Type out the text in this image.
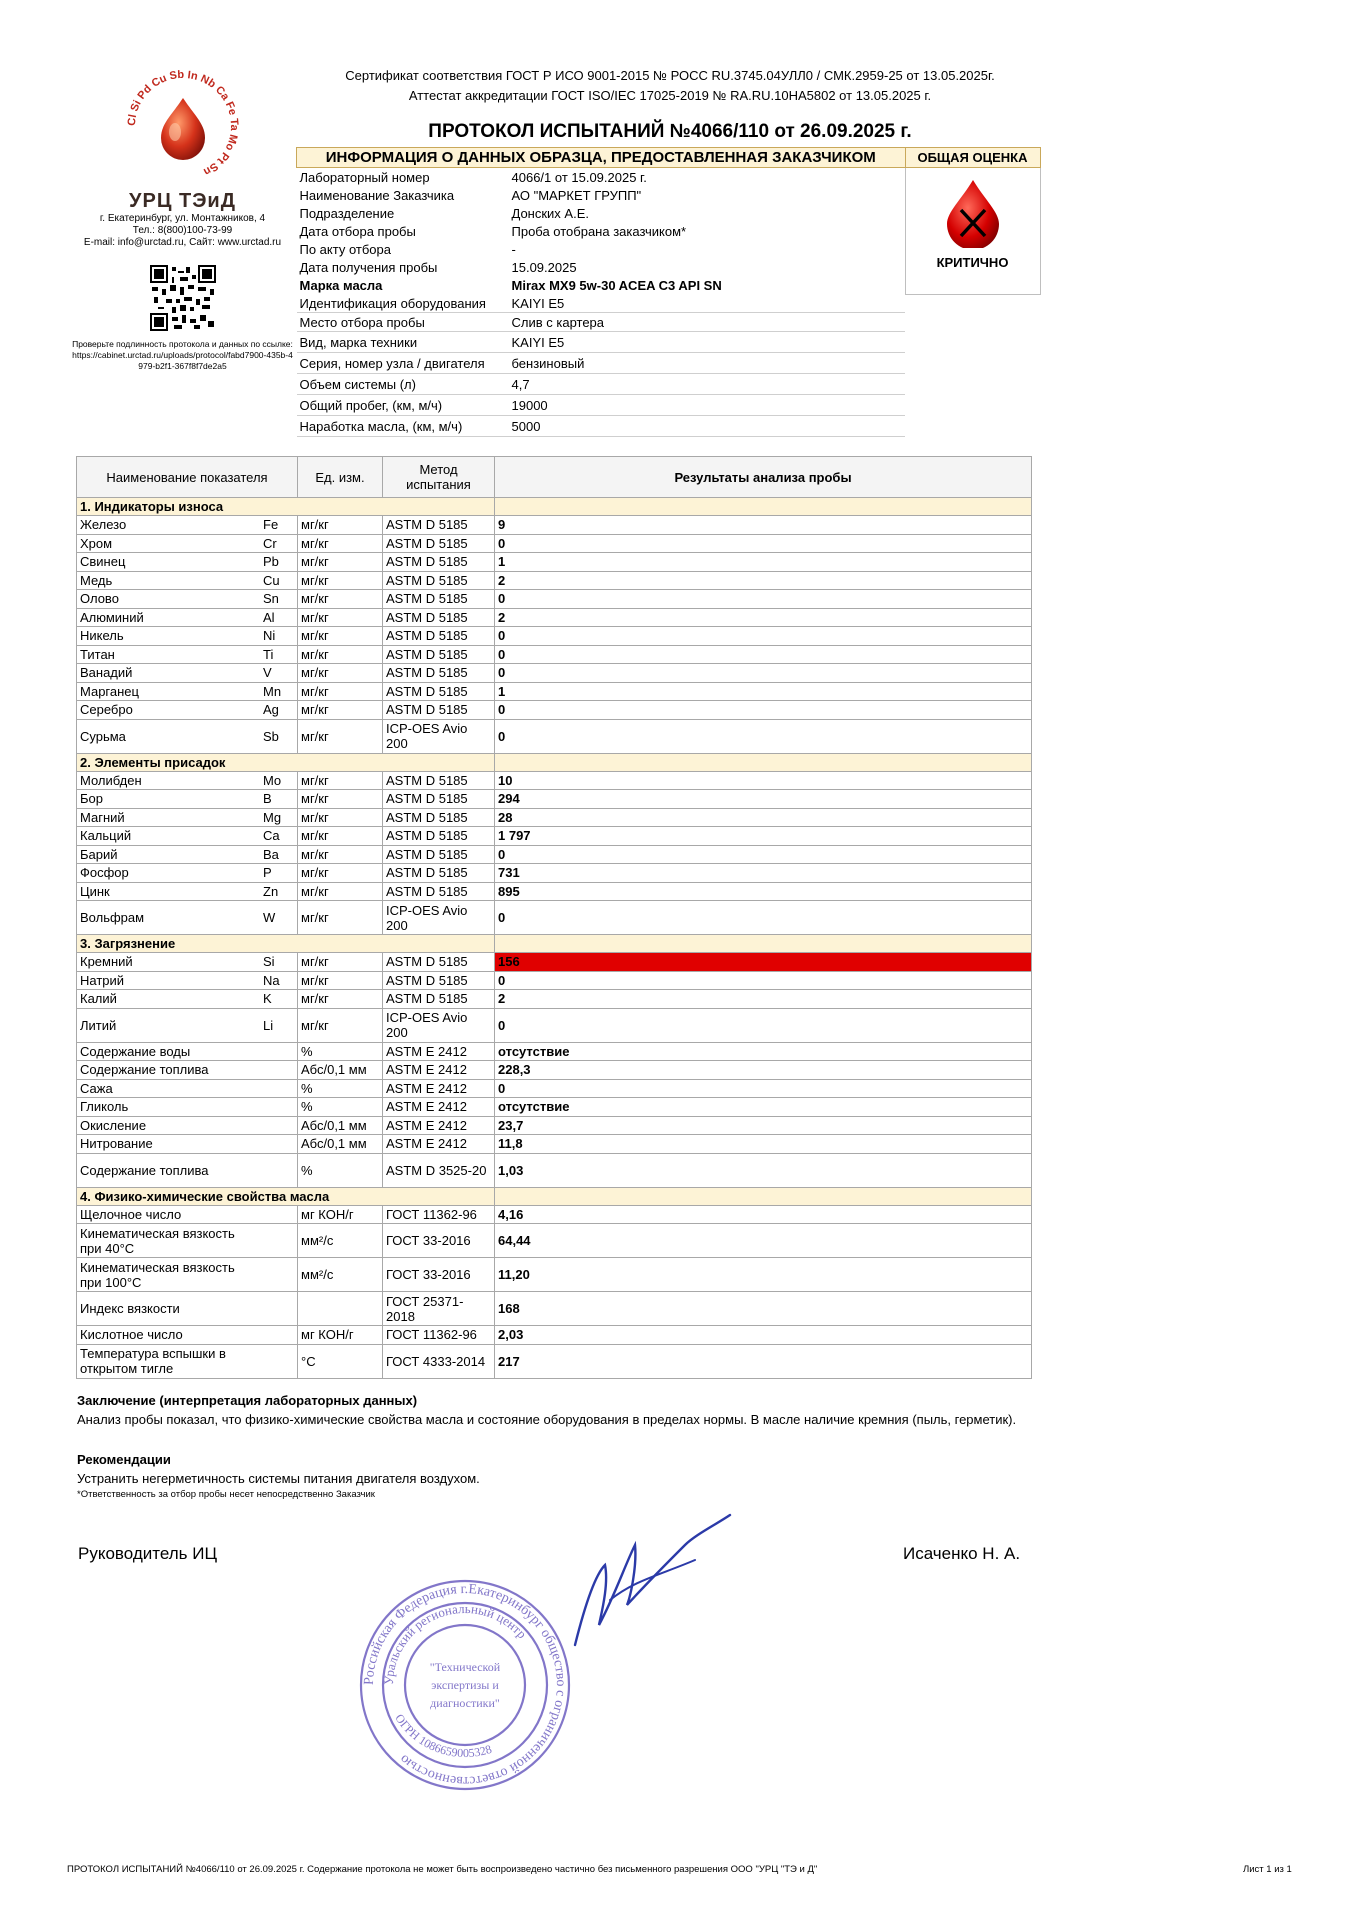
Cl Si Pd Cu Sb In Nb Ca Fe Ta Mo Pt Sn
УРЦ ТЭиД
г. Екатеринбург, ул. Монтажников, 4
Тел.: 8(800)100-73-99
E-mail: info@urctad.ru, Сайт: www.urctad.ru
Проверьте подлинность протокола и данных по ссылке:
https://cabinet.urctad.ru/uploads/protocol/fabd7900-435b-4979-b2f1-367f8f7de2a5
Сертификат соответствия ГОСТ Р ИСО 9001-2015 № РОСС RU.3745.04УЛЛ0 / СМК.2959-25 от 13.05.2025г.
Аттестат аккредитации ГОСТ ISO/IEC 17025-2019 № RA.RU.10НА5802 от 13.05.2025 г.
ПРОТОКОЛ ИСПЫТАНИЙ №4066/110 от 26.09.2025 г.
ИНФОРМАЦИЯ О ДАННЫХ ОБРАЗЦА, ПРЕДОСТАВЛЕННАЯ ЗАКАЗЧИКОМ		ОБЩАЯ ОЦЕНКА
Лабораторный номер	4066/1 от 15.09.2025 г.	КРИТИЧНО

Наименование Заказчика	АО "МАРКЕТ ГРУПП"	
Подразделение	Донских А.Е.	
Дата отбора пробы	Проба отобрана заказчиком*	
По акту отбора	-	
Дата получения пробы	15.09.2025	
Марка масла	Mirax MX9 5w-30 ACEA C3 API SN	
Идентификация оборудования	KAIYI E5	
Место отбора пробы	Слив с картера	
Вид, марка техники	KAIYI E5	
Серия, номер узла / двигателя	бензиновый	
Объем системы (л)	4,7	
Общий пробег, (км, м/ч)	19000	
Наработка масла, (км, м/ч)	5000	
Наименование показателя		Ед. изм.	Метод испытания	Результаты анализа пробы
1. Индикаторы износа				
Железо	Fe	мг/кг	ASTM D 5185	9
Хром	Cr	мг/кг	ASTM D 5185	0
Свинец	Pb	мг/кг	ASTM D 5185	1
Медь	Cu	мг/кг	ASTM D 5185	2
Олово	Sn	мг/кг	ASTM D 5185	0
Алюминий	Al	мг/кг	ASTM D 5185	2
Никель	Ni	мг/кг	ASTM D 5185	0
Титан	Ti	мг/кг	ASTM D 5185	0
Ванадий	V	мг/кг	ASTM D 5185	0
Марганец	Mn	мг/кг	ASTM D 5185	1
Серебро	Ag	мг/кг	ASTM D 5185	0
Сурьма	Sb	мг/кг	ICP-OES Avio 200	0
2. Элементы присадок				
Молибден	Mo	мг/кг	ASTM D 5185	10
Бор	B	мг/кг	ASTM D 5185	294
Магний	Mg	мг/кг	ASTM D 5185	28
Кальций	Ca	мг/кг	ASTM D 5185	1 797
Барий	Ba	мг/кг	ASTM D 5185	0
Фосфор	P	мг/кг	ASTM D 5185	731
Цинк	Zn	мг/кг	ASTM D 5185	895
Вольфрам	W	мг/кг	ICP-OES Avio 200	0
3. Загрязнение				
Кремний	Si	мг/кг	ASTM D 5185	156
Натрий	Na	мг/кг	ASTM D 5185	0
Калий	K	мг/кг	ASTM D 5185	2
Литий	Li	мг/кг	ICP-OES Avio 200	0
Содержание воды		%	ASTM E 2412	отсутствие
Содержание топлива		Абс/0,1 мм	ASTM E 2412	228,3
Сажа		%	ASTM E 2412	0
Гликоль		%	ASTM E 2412	отсутствие
Окисление		Абс/0,1 мм	ASTM E 2412	23,7
Нитрование		Абс/0,1 мм	ASTM E 2412	11,8
Содержание топлива		%	ASTM D 3525-20	1,03
4. Физико-химические свойства масла				
Щелочное число		мг КОН/г	ГОСТ 11362-96	4,16
Кинематическая вязкость при 40°С		мм²/с	ГОСТ 33-2016	64,44
Кинематическая вязкость при 100°С		мм²/с	ГОСТ 33-2016	11,20
Индекс вязкости			ГОСТ 25371-2018	168
Кислотное число		мг КОН/г	ГОСТ 11362-96	2,03
Температура вспышки в открытом тигле		°С	ГОСТ 4333-2014	217
Заключение (интерпретация лабораторных данных)
Анализ пробы показал, что физико-химические свойства масла и состояние оборудования в пределах нормы. В масле наличие кремния (пыль, герметик).
Рекомендации
Устранить негерметичность системы питания двигателя воздухом.
*Ответственность за отбор пробы несет непосредственно Заказчик
Руководитель ИЦ	Исаченко Н. А.
Российская Федерация г.Екатеринбург общество с ограниченной ответственностью
Уральский региональный центр
ОГРН 1086659005328
"Технической
экспертизы и
диагностики"
ПРОТОКОЛ ИСПЫТАНИЙ №4066/110 от 26.09.2025 г. Содержание протокола не может быть воспроизведено частично без письменного разрешения ООО "УРЦ "ТЭ и Д"	Лист 1 из 1
